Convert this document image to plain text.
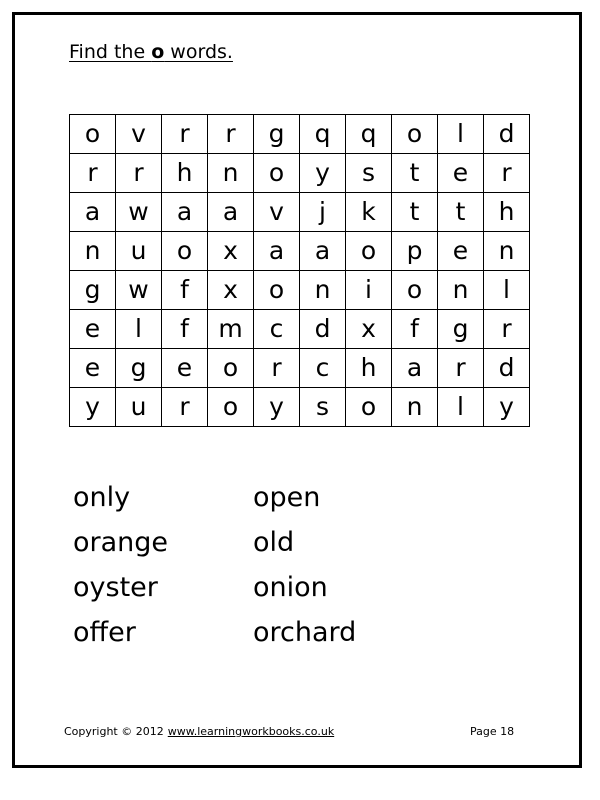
Find the o words.
o	v	r	r	g	q	q	o	l	d
r	r	h	n	o	y	s	t	e	r
a	w	a	a	v	j	k	t	t	h
n	u	o	x	a	a	o	p	e	n
g	w	f	x	o	n	i	o	n	l
e	l	f	m	c	d	x	f	g	r
e	g	e	o	r	c	h	a	r	d
y	u	r	o	y	s	o	n	l	y
only	open
orange	old
oyster	onion
offer	orchard
Copyright © 2012 www.learningworkbooks.co.uk	Page 18
